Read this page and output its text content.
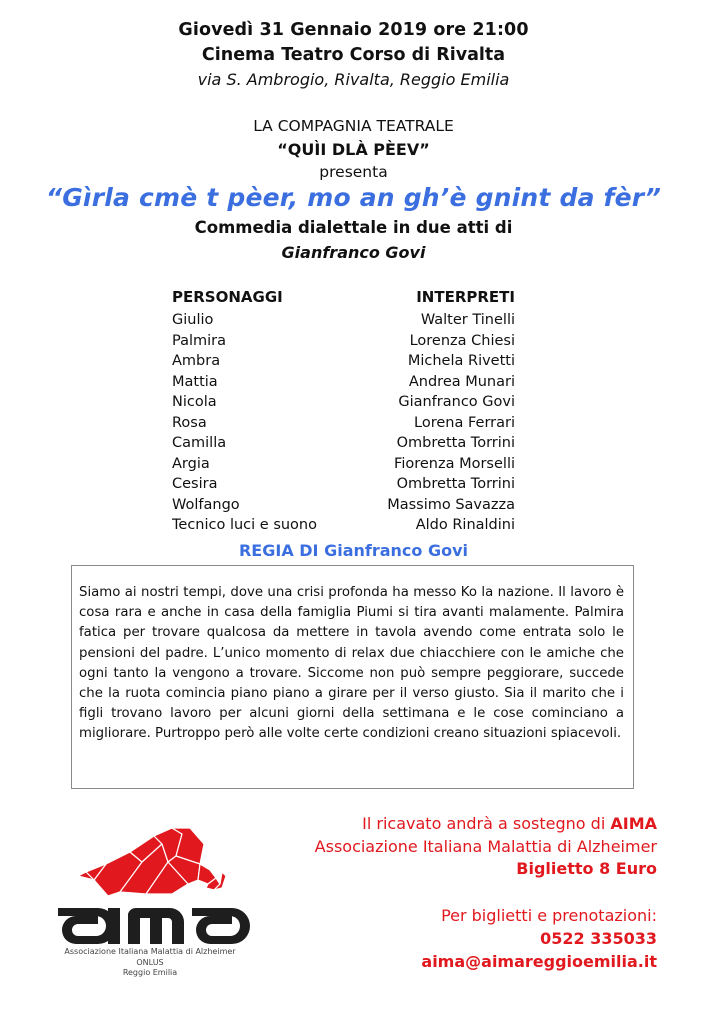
Giovedì 31 Gennaio 2019 ore 21:00
Cinema Teatro Corso di Rivalta
via S. Ambrogio, Rivalta, Reggio Emilia
LA COMPAGNIA TEATRALE
“QUÌI DLÀ PÈEV”
presenta
“Gìrla cmè t pèer, mo an gh’è gnint da fèr”
Commedia dialettale in due atti di
Gianfranco Govi
PERSONAGGI	INTERPRETI
Giulio	Walter Tinelli
Palmira	Lorenza Chiesi
Ambra	Michela Rivetti
Mattia	Andrea Munari
Nicola	Gianfranco Govi
Rosa	Lorena Ferrari
Camilla	Ombretta Torrini
Argia	Fiorenza Morselli
Cesira	Ombretta Torrini
Wolfango	Massimo Savazza
Tecnico luci e suono	Aldo Rinaldini
REGIA DI Gianfranco Govi
Siamo ai nostri tempi, dove una crisi profonda ha messo Ko la nazione. Il lavoro è cosa rara e anche in casa della famiglia Piumi si tira avanti malamente. Palmira fatica per trovare qualcosa da mettere in tavola avendo come entrata solo le pensioni del padre. L’unico momento di relax due chiacchiere con le amiche che ogni tanto la vengono a trovare. Siccome non può sempre peggiorare, succede che la ruota comincia piano piano a girare per il verso giusto. Sia il marito che i figli trovano lavoro per alcuni giorni della settimana e le cose cominciano a migliorare. Purtroppo però alle volte certe condizioni creano situazioni spiacevoli.
Il ricavato andrà a sostegno di AIMA
Associazione Italiana Malattia di Alzheimer
Biglietto 8 Euro
Per biglietti e prenotazioni:
0522 335033
aima@aimareggioemilia.it
Associazione Italiana Malattia di Alzheimer
ONLUS
Reggio Emilia
